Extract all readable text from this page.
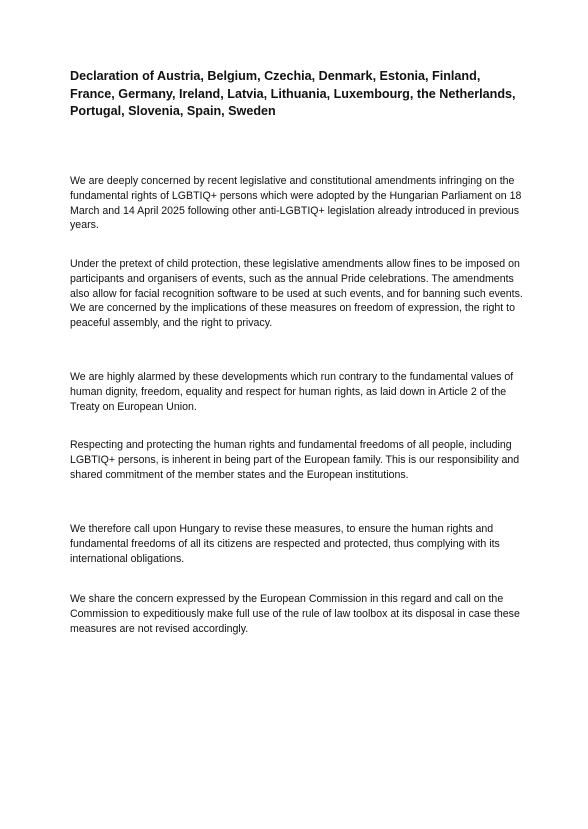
Declaration of Austria, Belgium, Czechia, Denmark, Estonia, Finland, France, Germany, Ireland, Latvia, Lithuania, Luxembourg, the Netherlands, Portugal, Slovenia, Spain, Sweden

We are deeply concerned by recent legislative and constitutional amendments infringing on the fundamental rights of LGBTIQ+ persons which were adopted by the Hungarian Parliament on 18 March and 14 April 2025 following other anti-LGBTIQ+ legislation already introduced in previous years.

Under the pretext of child protection, these legislative amendments allow fines to be imposed on participants and organisers of events, such as the annual Pride celebrations. The amendments also allow for facial recognition software to be used at such events, and for banning such events. We are concerned by the implications of these measures on freedom of expression, the right to peaceful assembly, and the right to privacy.

We are highly alarmed by these developments which run contrary to the fundamental values of human dignity, freedom, equality and respect for human rights, as laid down in Article 2 of the Treaty on European Union.

Respecting and protecting the human rights and fundamental freedoms of all people, including LGBTIQ+ persons, is inherent in being part of the European family. This is our responsibility and shared commitment of the member states and the European institutions.

We therefore call upon Hungary to revise these measures, to ensure the human rights and fundamental freedoms of all its citizens are respected and protected, thus complying with its international obligations.

We share the concern expressed by the European Commission in this regard and call on the Commission to expeditiously make full use of the rule of law toolbox at its disposal in case these measures are not revised accordingly.
